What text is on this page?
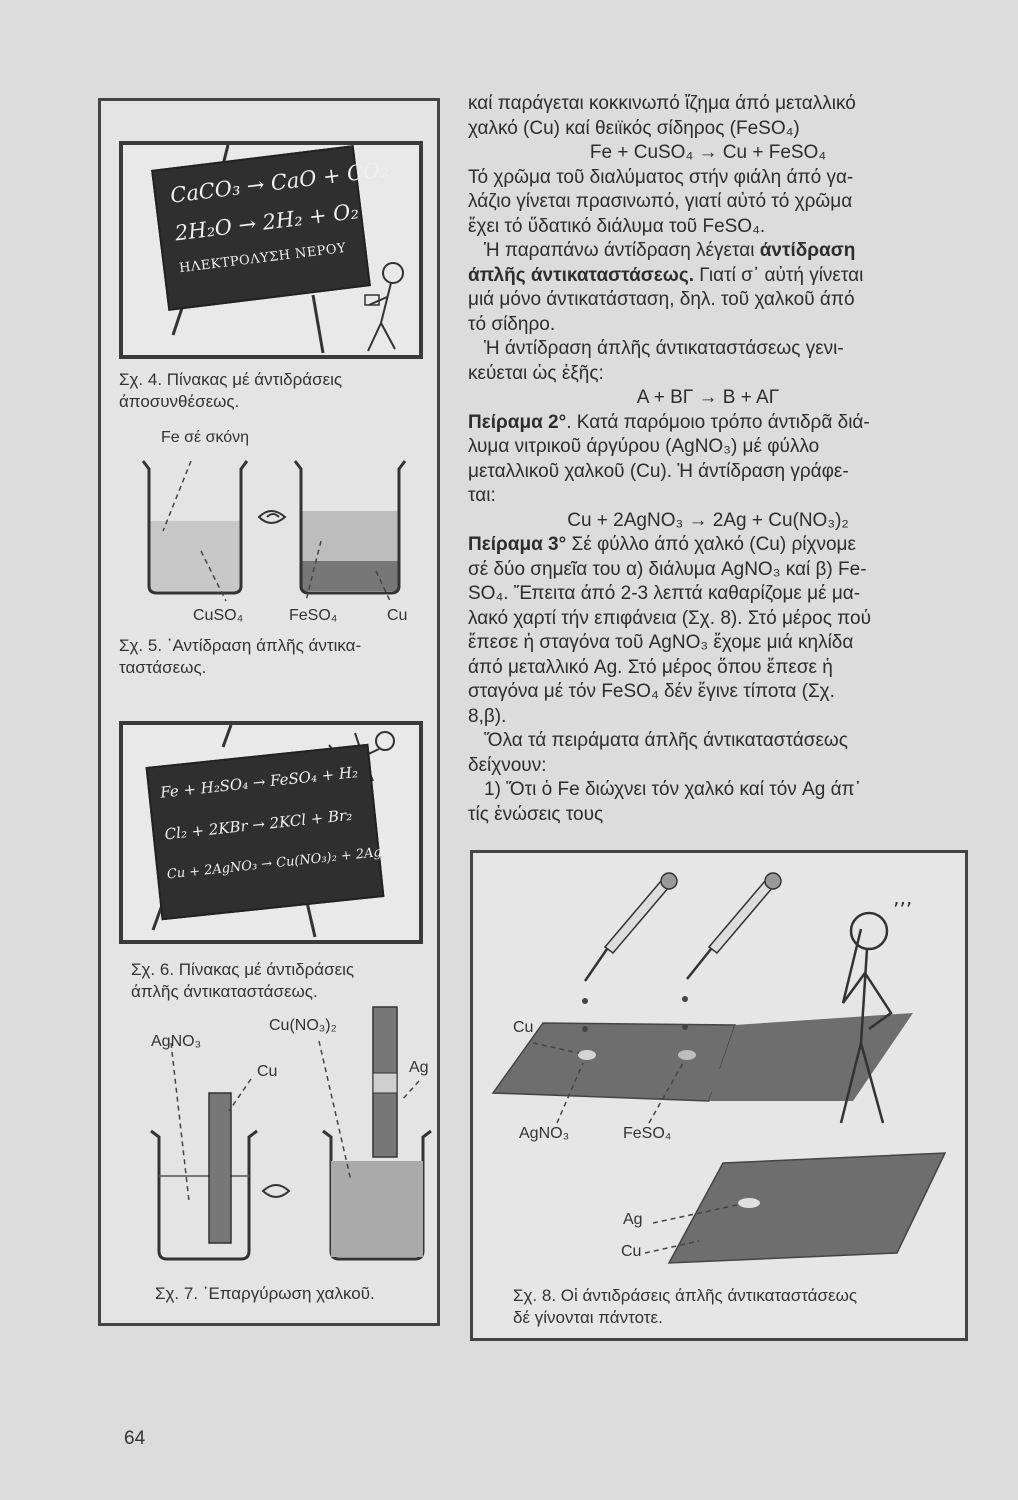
CaCO₃ → CaO + CO₂
2H₂O → 2H₂ + O₂
ΗΛΕΚΤΡΟΛΥΣΗ ΝΕΡΟΥ
Σχ. 4. Πίνακας μέ άντιδράσεις
άποσυνθέσεως.
Fe σέ σκόνη
CuSO₄	FeSO₄	Cu
Σχ. 5. ᾿Αντίδραση άπλῆς άντικα-
ταστάσεως.
Fe + H₂SO₄ → FeSO₄ + H₂
Cl₂ + 2KBr → 2KCl + Br₂
Cu + 2AgNO₃ → Cu(NO₃)₂ + 2Ag
Σχ. 6. Πίνακας μέ άντιδράσεις
άπλῆς άντικαταστάσεως.
AgNO₃
Cu
Cu(NO₃)₂
Ag
Σχ. 7. ᾿Επαργύρωση χαλκοῦ.

καί παράγεται κοκκινωπό ἴζημα άπό μεταλλικό

χαλκό (Cu) καί θειϊκός σίδηρος (FeSO₄)

Fe + CuSO₄ → Cu + FeSO₄

Τό χρῶμα τοῦ διαλύματος στήν φιάλη άπό γα-

λάζιο γίνεται πρασινωπό, γιατί αὐτό τό χρῶμα

ἔχει τό ὕδατικό διάλυμα τοῦ FeSO₄.

Ἡ παραπάνω άντίδραση λέγεται άντίδραση

άπλῆς άντικαταστάσεως. Γιατί σ᾿ αὐτή γίνεται

μιά μόνο άντικατάσταση, δηλ. τοῦ χαλκοῦ άπό

τό σίδηρο.

Ἡ άντίδραση άπλῆς άντικαταστάσεως γενι-

κεύεται ὡς ἑξῆς:

Α + ΒΓ → Β + ΑΓ

Πείραμα 2°. Κατά παρόμοιο τρόπο άντιδρᾶ διά-

λυμα νιτρικοῦ άργύρου (AgNO₃) μέ φύλλο

μεταλλικοῦ χαλκοῦ (Cu). Ἡ άντίδραση γράφε-

ται:

Cu + 2AgNO₃ → 2Ag + Cu(NO₃)₂

Πείραμα 3° Σέ φύλλο άπό χαλκό (Cu) ρίχνομε

σέ δύο σημεῖα του α) διάλυμα AgNO₃ καί β) Fe-

SO₄. Ἔπειτα άπό 2-3 λεπτά καθαρίζομε μέ μα-

λακό χαρτί τήν επιφάνεια (Σχ. 8). Στό μέρος πού

ἔπεσε ἡ σταγόνα τοῦ AgNO₃ ἔχομε μιά κηλίδα

άπό μεταλλικό Ag. Στό μέρος ὅπου ἔπεσε ἡ

σταγόνα μέ τόν FeSO₄ δέν ἔγινε τίποτα (Σχ.

8,β).

Ὅλα τά πειράματα άπλῆς άντικαταστάσεως

δείχνουν:

1) Ὅτι ὁ Fe διώχνει τόν χαλκό καί τόν Ag άπ᾿

τίς ἑνώσεις τους

’’’
Cu
AgNO₃	FeSO₄
Ag
Cu
Σχ. 8. Οἱ άντιδράσεις άπλῆς άντικαταστάσεως
δέ γίνονται πάντοτε.
64
